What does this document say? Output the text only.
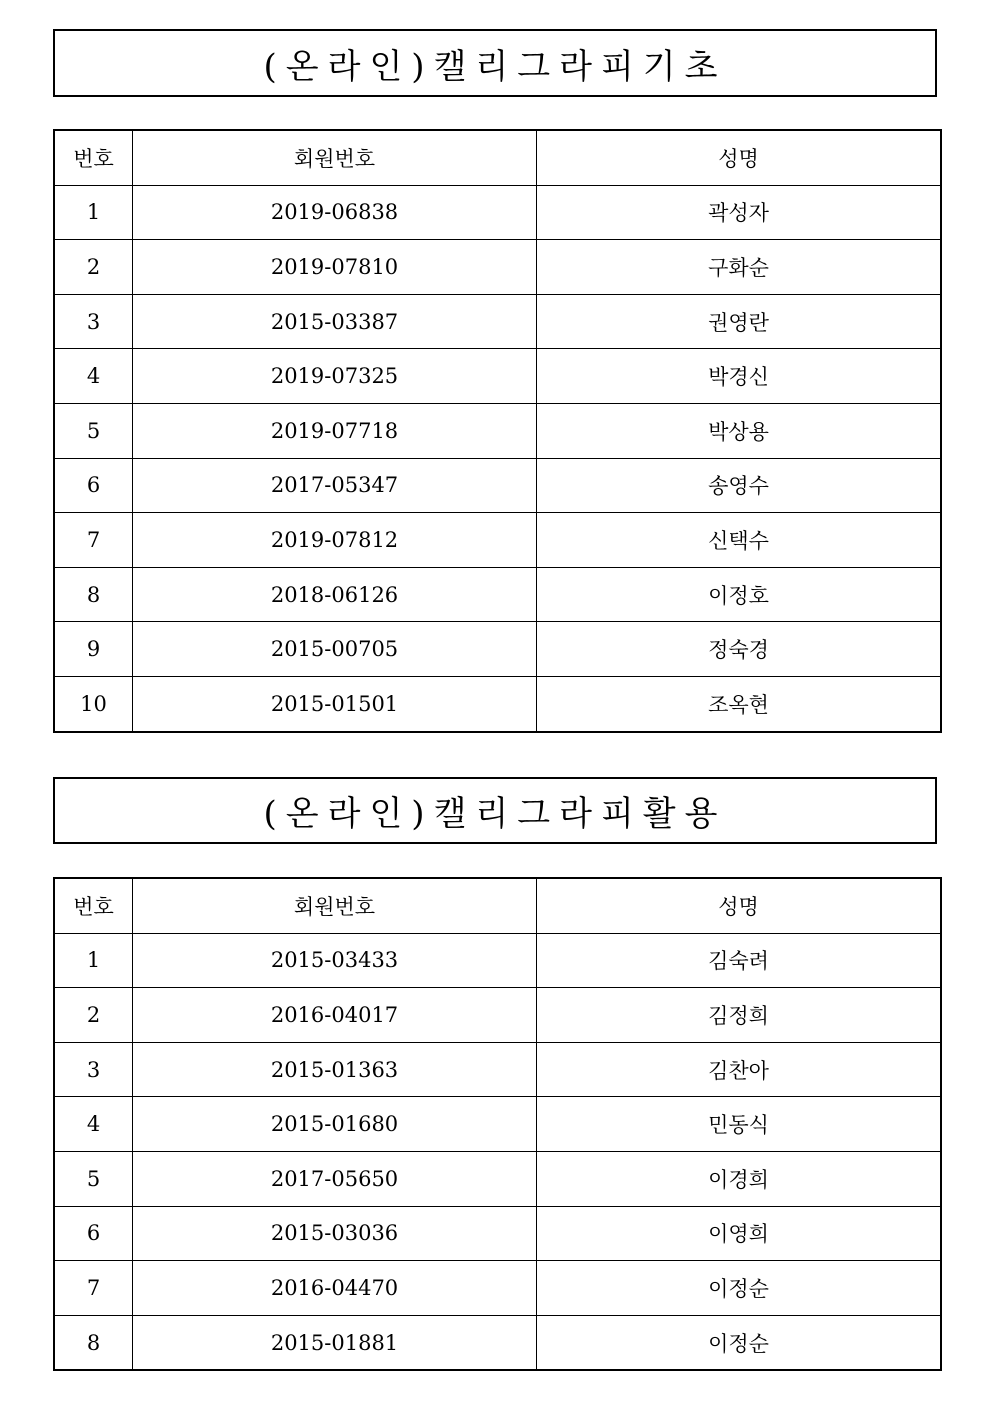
(온라인)캘리그라피기초
번호	회원번호	성명
1	2019-06838	곽성자
2	2019-07810	구화순
3	2015-03387	권영란
4	2019-07325	박경신
5	2019-07718	박상용
6	2017-05347	송영수
7	2019-07812	신택수
8	2018-06126	이정호
9	2015-00705	정숙경
10	2015-01501	조옥현
(온라인)캘리그라피활용
번호	회원번호	성명
1	2015-03433	김숙려
2	2016-04017	김정희
3	2015-01363	김찬아
4	2015-01680	민동식
5	2017-05650	이경희
6	2015-03036	이영희
7	2016-04470	이정순
8	2015-01881	이정순
